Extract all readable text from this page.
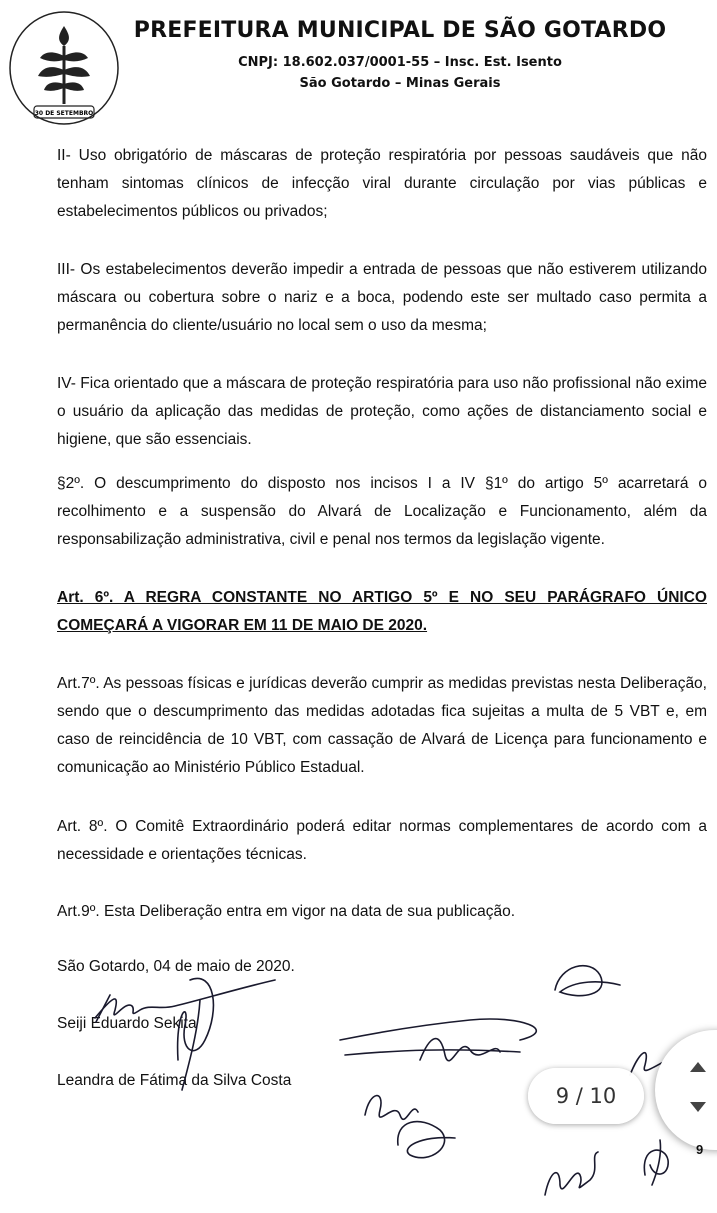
30 DE SETEMBRO
PREFEITURA MUNICIPAL DE SÃO GOTARDO
CNPJ: 18.602.037/0001-55 – Insc. Est. Isento
São Gotardo – Minas Gerais

II- Uso obrigatório de máscaras de proteção respiratória por pessoas saudáveis que não tenham sintomas clínicos de infecção viral durante circulação por vias públicas e estabelecimentos públicos ou privados;

III- Os estabelecimentos deverão impedir a entrada de pessoas que não estiverem utilizando máscara ou cobertura sobre o nariz e a boca, podendo este ser multado caso permita a permanência do cliente/usuário no local sem o uso da mesma;

IV- Fica orientado que a máscara de proteção respiratória para uso não profissional não exime o usuário da aplicação das medidas de proteção, como ações de distanciamento social e higiene, que são essenciais.

§2º. O descumprimento do disposto nos incisos I a IV §1º do artigo 5º acarretará o recolhimento e a suspensão do Alvará de Localização e Funcionamento, além da responsabilização administrativa, civil e penal nos termos da legislação vigente.

Art. 6º. A REGRA CONSTANTE NO ARTIGO 5º E NO SEU PARÁGRAFO ÚNICO COMEÇARÁ A VIGORAR EM 11 DE MAIO DE 2020.

Art.7º. As pessoas físicas e jurídicas deverão cumprir as medidas previstas nesta Deliberação, sendo que o descumprimento das medidas adotadas fica sujeitas a multa de 5 VBT e, em caso de reincidência de 10 VBT, com cassação de Alvará de Licença para funcionamento e comunicação ao Ministério Público Estadual.

Art. 8º. O Comitê Extraordinário poderá editar normas complementares de acordo com a necessidade e orientações técnicas.

Art.9º. Esta Deliberação entra em vigor na data de sua publicação.

São Gotardo, 04 de maio de 2020.
Seiji Eduardo Sekita
Leandra de Fátima da Silva Costa
9 / 10
9
